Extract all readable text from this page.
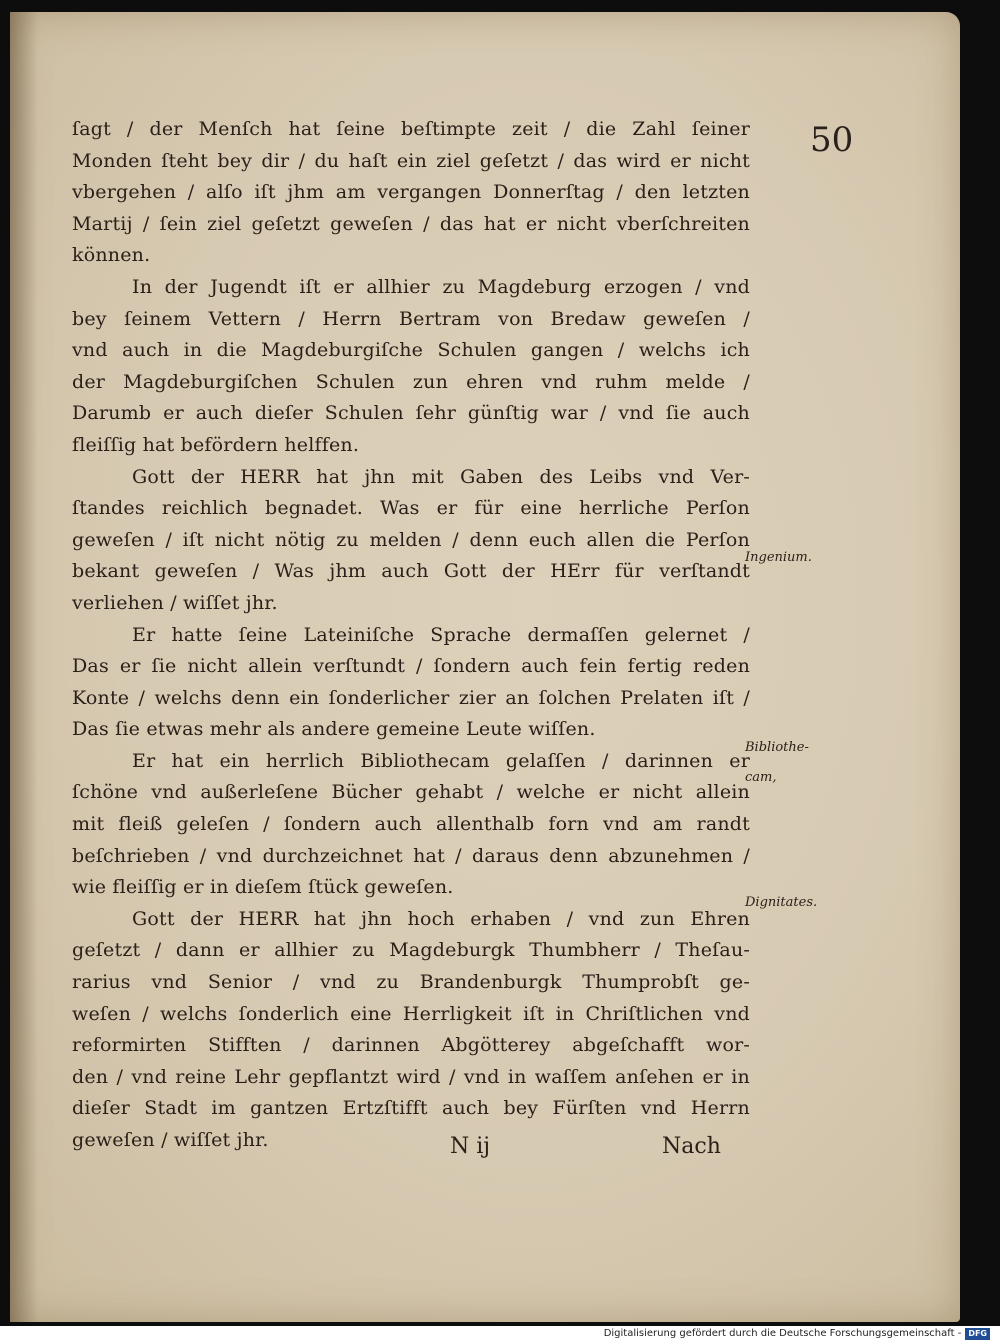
50
ſagt / der Menſch hat ſeine beſtimpte zeit / die Zahl ſeiner
Monden ſteht bey dir / du haſt ein ziel geſetzt / das wird er nicht
vbergehen / alſo iſt jhm am vergangen Donnerſtag / den letzten
Martij / ſein ziel geſetzt geweſen / das hat er nicht vberſchreiten
können.
In der Jugendt iſt er allhier zu Magdeburg erzogen / vnd
bey ſeinem Vettern / Herrn Bertram von Bredaw geweſen /
vnd auch in die Magdeburgiſche Schulen gangen / welchs ich
der Magdeburgiſchen Schulen zun ehren vnd ruhm melde /
Darumb er auch dieſer Schulen ſehr günſtig war / vnd ſie auch
fleiſſig hat befördern helffen.
Gott der HERR hat jhn mit Gaben des Leibs vnd Ver-
ſtandes reichlich begnadet. Was er für eine herrliche Perſon
geweſen / iſt nicht nötig zu melden / denn euch allen die Perſon
bekant geweſen / Was jhm auch Gott der HErr für verſtandt
verliehen / wiſſet jhr.
Er hatte ſeine Lateiniſche Sprache dermaſſen gelernet /
Das er ſie nicht allein verſtundt / ſondern auch fein fertig reden
Konte / welchs denn ein ſonderlicher zier an ſolchen Prelaten iſt /
Das ſie etwas mehr als andere gemeine Leute wiſſen.
Er hat ein herrlich Bibliothecam gelaſſen / darinnen er
ſchöne vnd außerleſene Bücher gehabt / welche er nicht allein
mit fleiß geleſen / ſondern auch allenthalb forn vnd am randt
beſchrieben / vnd durchzeichnet hat / daraus denn abzunehmen /
wie fleiſſig er in dieſem ſtück geweſen.
Gott der HERR hat jhn hoch erhaben / vnd zun Ehren
geſetzt / dann er allhier zu Magdeburgk Thumbherr / Theſau-
rarius vnd Senior / vnd zu Brandenburgk Thumprobſt ge-
weſen / welchs ſonderlich eine Herrligkeit iſt in Chriſtlichen vnd
reformirten Stifften / darinnen Abgötterey abgeſchafft wor-
den / vnd reine Lehr gepflantzt wird / vnd in waſſem anſehen er in
dieſer Stadt im gantzen Ertzſtifft auch bey Fürſten vnd Herrn
geweſen / wiſſet jhr.
Ingenium.
Bibliothe-
cam,
Dignitates.
N ij	Nach
Digitalisierung gefördert durch die Deutsche Forschungsgemeinschaft - DFG
